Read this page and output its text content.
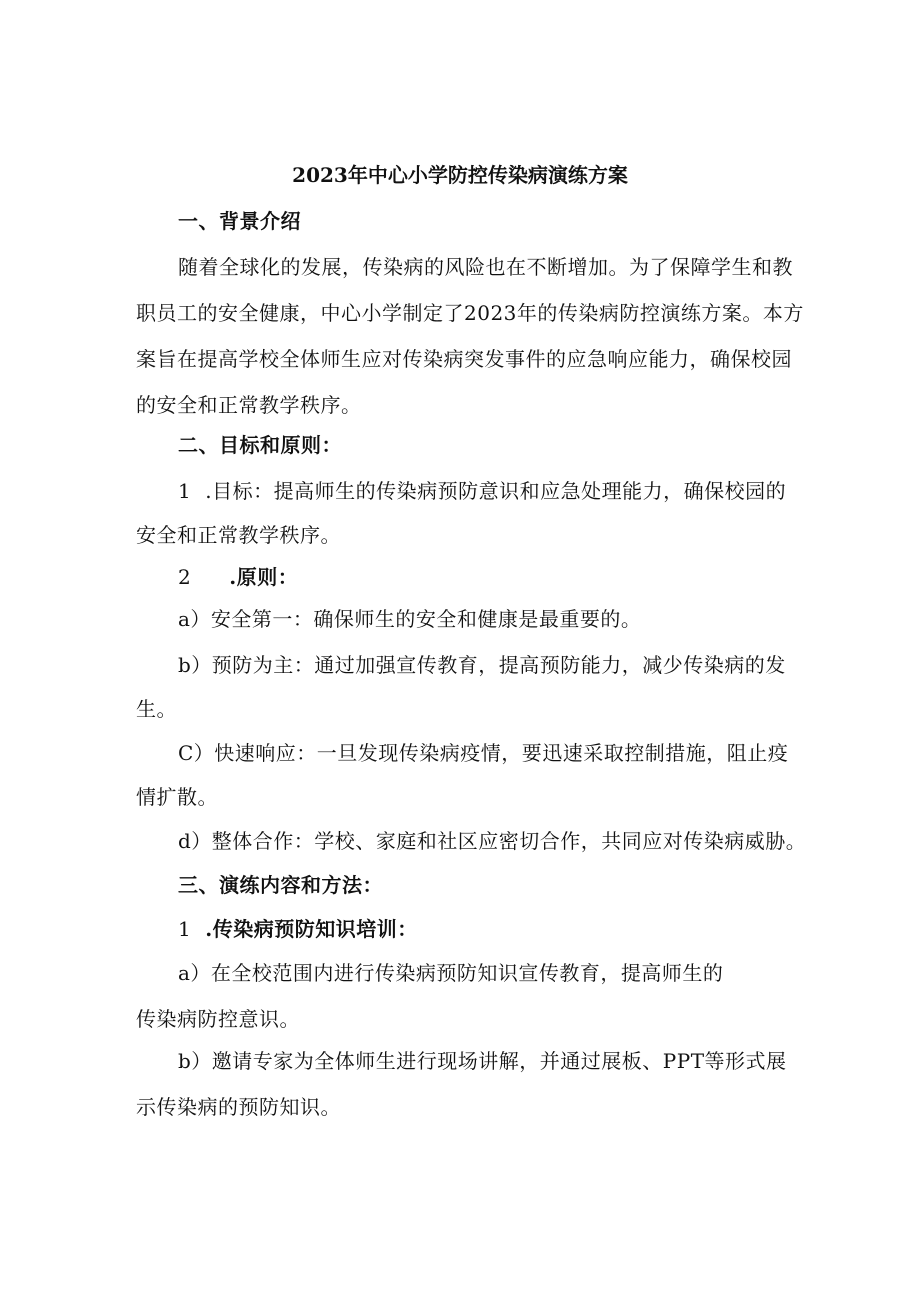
2023年中心小学防控传染病演练方案
一、背景介绍
随着全球化的发展，传染病的风险也在不断增加。为了保障学生和教
职员工的安全健康，中心小学制定了2023年的传染病防控演练方案。本方
案旨在提高学校全体师生应对传染病突发事件的应急响应能力，确保校园
的安全和正常教学秩序。
二、目标和原则：
1 .目标：提高师生的传染病预防意识和应急处理能力，确保校园的
安全和正常教学秩序。
2 .原则：
a）安全第一：确保师生的安全和健康是最重要的。
b）预防为主：通过加强宣传教育，提高预防能力，减少传染病的发
生。
C）快速响应：一旦发现传染病疫情，要迅速采取控制措施，阻止疫
情扩散。
d）整体合作：学校、家庭和社区应密切合作，共同应对传染病威胁。
三、演练内容和方法：
1 .传染病预防知识培训：
a）在全校范围内进行传染病预防知识宣传教育，提高师生的
传染病防控意识。
b）邀请专家为全体师生进行现场讲解，并通过展板、PPT等形式展
示传染病的预防知识。
